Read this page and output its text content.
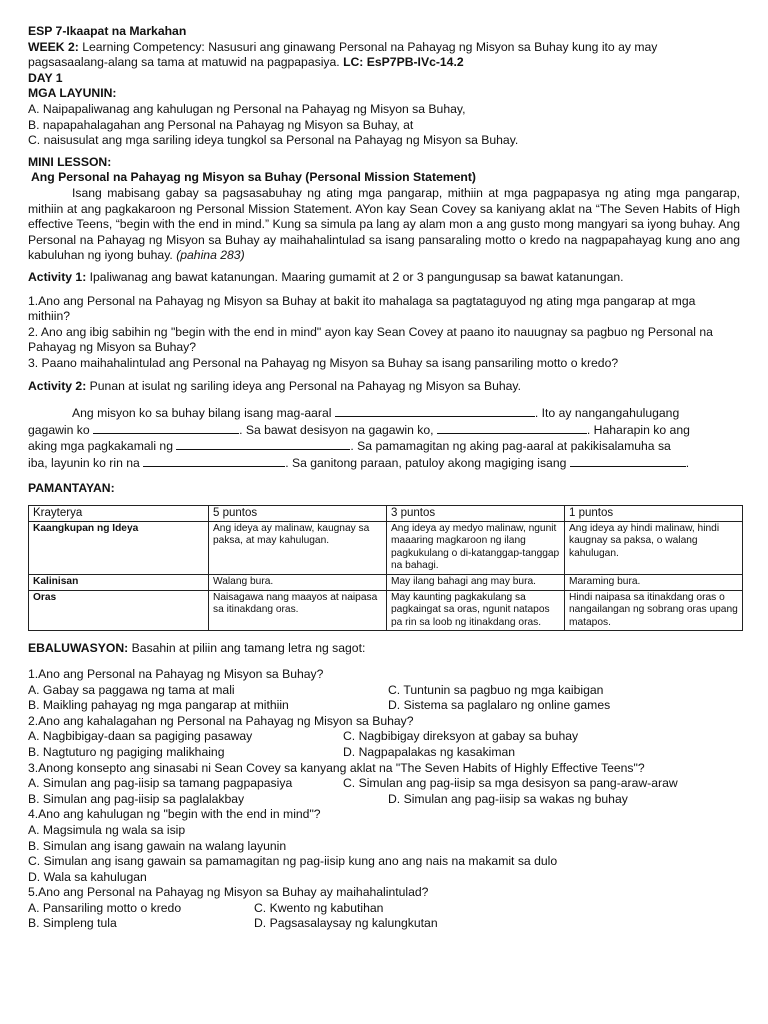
ESP 7-Ikaapat na Markahan

WEEK 2: Learning Competency: Nasusuri ang ginawang Personal na Pahayag ng Misyon sa Buhay kung ito ay may

pagsasaalang-alang sa tama at matuwid na pagpapasiya. LC: EsP7PB-IVc-14.2

DAY 1

MGA LAYUNIN:

A. Naipapaliwanag ang kahulugan ng Personal na Pahayag ng Misyon sa Buhay,

B. napapahalagahan ang Personal na Pahayag ng Misyon sa Buhay, at

C. naisusulat ang mga sariling ideya tungkol sa Personal na Pahayag ng Misyon sa Buhay.

MINI LESSON:

Ang Personal na Pahayag ng Misyon sa Buhay (Personal Mission Statement)

Isang mabisang gabay sa pagsasabuhay ng ating mga pangarap, mithiin at mga pagpapasya ng ating mga pangarap, mithiin at ang pagkakaroon ng Personal Mission Statement. AYon kay Sean Covey sa kaniyang aklat na “The Seven Habits of High effective Teens, “begin with the end in mind.” Kung sa simula pa lang ay alam mon a ang gusto mong mangyari sa iyong buhay. Ang Personal na Pahayag ng Misyon sa Buhay ay maihahalintulad sa isang pansaraling motto o kredo na nagpapahayag kung ano ang kabuluhan ng iyong buhay. (pahina 283)

Activity 1: Ipaliwanag ang bawat katanungan. Maaring gumamit at 2 or 3 pangungusap sa bawat katanungan.

1.Ano ang Personal na Pahayag ng Misyon sa Buhay at bakit ito mahalaga sa pagtataguyod ng ating mga pangarap at mga mithiin?

2. Ano ang ibig sabihin ng "begin with the end in mind" ayon kay Sean Covey at paano ito nauugnay sa pagbuo ng Personal na Pahayag ng Misyon sa Buhay?

3. Paano maihahalintulad ang Personal na Pahayag ng Misyon sa Buhay sa isang pansariling motto o kredo?

Activity 2: Punan at isulat ng sariling ideya ang Personal na Pahayag ng Misyon sa Buhay.

Ang misyon ko sa buhay bilang isang mag-aaral	. Ito ay nangangahulugang

gagawin ko	. Sa bawat desisyon na gagawin ko,	. Haharapin ko ang

aking mga pagkakamali ng	. Sa pamamagitan ng aking pag-aaral at pakikisalamuha sa

iba, layunin ko rin na	. Sa ganitong paraan, patuloy akong magiging isang	.

PAMANTAYAN:

Krayterya	5 puntos	3 puntos	1 puntos
Kaangkupan ng Ideya	Ang ideya ay malinaw, kaugnay sa paksa, at may kahulugan.	Ang ideya ay medyo malinaw, ngunit maaaring magkaroon ng ilang pagkukulang o di-katanggap-tanggap na bahagi.	Ang ideya ay hindi malinaw, hindi kaugnay sa paksa, o walang kahulugan.
Kalinisan	Walang bura.	May ilang bahagi ang may bura.	Maraming bura.
Oras	Naisagawa nang maayos at naipasa sa itinakdang oras.	May kaunting pagkakulang sa pagkaingat sa oras, ngunit natapos pa rin sa loob ng itinakdang oras.	Hindi naipasa sa itinakdang oras o nangailangan ng sobrang oras upang matapos.

EBALUWASYON: Basahin at piliin ang tamang letra ng sagot:

1.Ano ang Personal na Pahayag ng Misyon sa Buhay?

A. Gabay sa paggawa ng tama at mali	C. Tuntunin sa pagbuo ng mga kaibigan
B. Maikling pahayag ng mga pangarap at mithiin	D. Sistema sa paglalaro ng online games

2.Ano ang kahalagahan ng Personal na Pahayag ng Misyon sa Buhay?

A. Nagbibigay-daan sa pagiging pasaway	C. Nagbibigay direksyon at gabay sa buhay
B. Nagtuturo ng pagiging malikhaing	D. Nagpapalakas ng kasakiman

3.Anong konsepto ang sinasabi ni Sean Covey sa kanyang aklat na "The Seven Habits of Highly Effective Teens"?

A. Simulan ang pag-iisip sa tamang pagpapasiya	C. Simulan ang pag-iisip sa mga desisyon sa pang-araw-araw
B. Simulan ang pag-iisip sa paglalakbay	D. Simulan ang pag-iisip sa wakas ng buhay

4.Ano ang kahulugan ng "begin with the end in mind"?

A. Magsimula ng wala sa isip

B. Simulan ang isang gawain na walang layunin

C. Simulan ang isang gawain sa pamamagitan ng pag-iisip kung ano ang nais na makamit sa dulo

D. Wala sa kahulugan

5.Ano ang Personal na Pahayag ng Misyon sa Buhay ay maihahalintulad?

A. Pansariling motto o kredo	C. Kwento ng kabutihan
B. Simpleng tula	D. Pagsasalaysay ng kalungkutan
